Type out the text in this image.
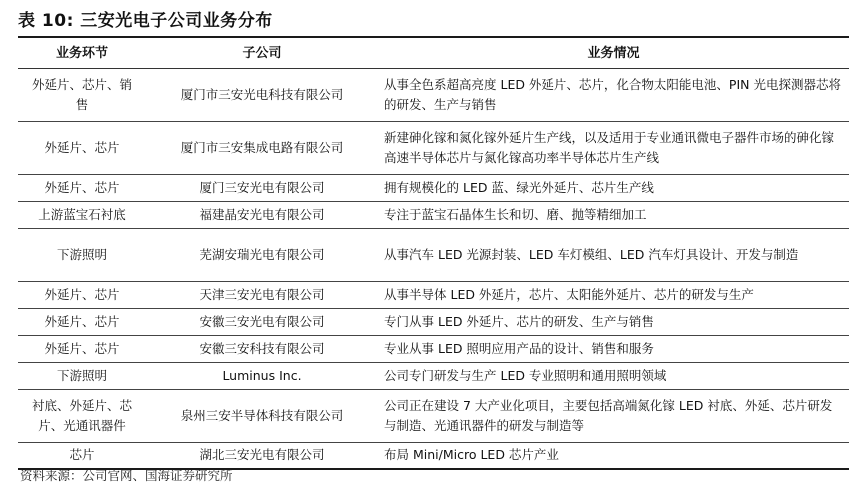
表 10: 三安光电子公司业务分布
业务环节	子公司	业务情况
外延片、芯片、销售	厦门市三安光电科技有限公司	从事全色系超高亮度 LED 外延片、芯片，化合物太阳能电池、PIN 光电探测器芯将的研发、生产与销售
外延片、芯片	厦门市三安集成电路有限公司	新建砷化镓和氮化镓外延片生产线，以及适用于专业通讯微电子器件市场的砷化镓高速半导体芯片与氮化镓高功率半导体芯片生产线
外延片、芯片	厦门三安光电有限公司	拥有规模化的 LED 蓝、绿光外延片、芯片生产线
上游蓝宝石衬底	福建晶安光电有限公司	专注于蓝宝石晶体生长和切、磨、抛等精细加工
下游照明	芜湖安瑞光电有限公司	从事汽车 LED 光源封装、LED 车灯模组、LED 汽车灯具设计、开发与制造
外延片、芯片	天津三安光电有限公司	从事半导体 LED 外延片，芯片、太阳能外延片、芯片的研发与生产
外延片、芯片	安徽三安光电有限公司	专门从事 LED 外延片、芯片的研发、生产与销售
外延片、芯片	安徽三安科技有限公司	专业从事 LED 照明应用产品的设计、销售和服务
下游照明	Luminus Inc.	公司专门研发与生产 LED 专业照明和通用照明领域
衬底、外延片、芯片、光通讯器件	泉州三安半导体科技有限公司	公司正在建设 7 大产业化项目，主要包括高端氮化镓 LED 衬底、外延、芯片研发与制造、光通讯器件的研发与制造等
芯片	湖北三安光电有限公司	布局 Mini/Micro LED 芯片产业
资料来源：公司官网、国海证券研究所
